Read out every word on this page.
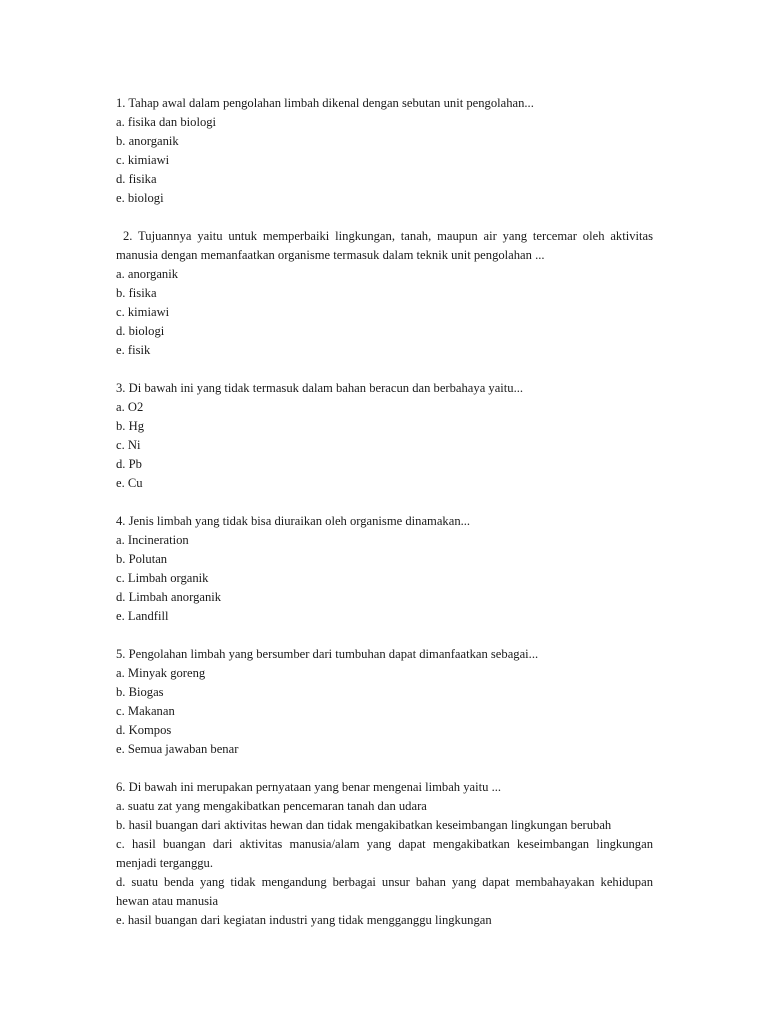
1. Tahap awal dalam pengolahan limbah dikenal dengan sebutan unit pengolahan...

a. fisika dan biologi

b. anorganik

c. kimiawi

d. fisika

e. biologi

2. Tujuannya yaitu untuk memperbaiki lingkungan, tanah, maupun air yang tercemar oleh aktivitas manusia dengan memanfaatkan organisme termasuk dalam teknik unit pengolahan ...

a. anorganik

b. fisika

c. kimiawi

d. biologi

e. fisik

3. Di bawah ini yang tidak termasuk dalam bahan beracun dan berbahaya yaitu...

a. O2

b. Hg

c. Ni

d. Pb

e. Cu

4. Jenis limbah yang tidak bisa diuraikan oleh organisme dinamakan...

a. Incineration

b. Polutan

c. Limbah organik

d. Limbah anorganik

e. Landfill

5. Pengolahan limbah yang bersumber dari tumbuhan dapat dimanfaatkan sebagai...

a. Minyak goreng

b. Biogas

c. Makanan

d. Kompos

e. Semua jawaban benar

6. Di bawah ini merupakan pernyataan yang benar mengenai limbah yaitu ...

a. suatu zat yang mengakibatkan pencemaran tanah dan udara

b. hasil buangan dari aktivitas hewan dan tidak mengakibatkan keseimbangan lingkungan berubah

c. hasil buangan dari aktivitas manusia/alam yang dapat mengakibatkan keseimbangan lingkungan menjadi terganggu.

d. suatu benda yang tidak mengandung berbagai unsur bahan yang dapat membahayakan kehidupan hewan atau manusia

e. hasil buangan dari kegiatan industri yang tidak mengganggu lingkungan
